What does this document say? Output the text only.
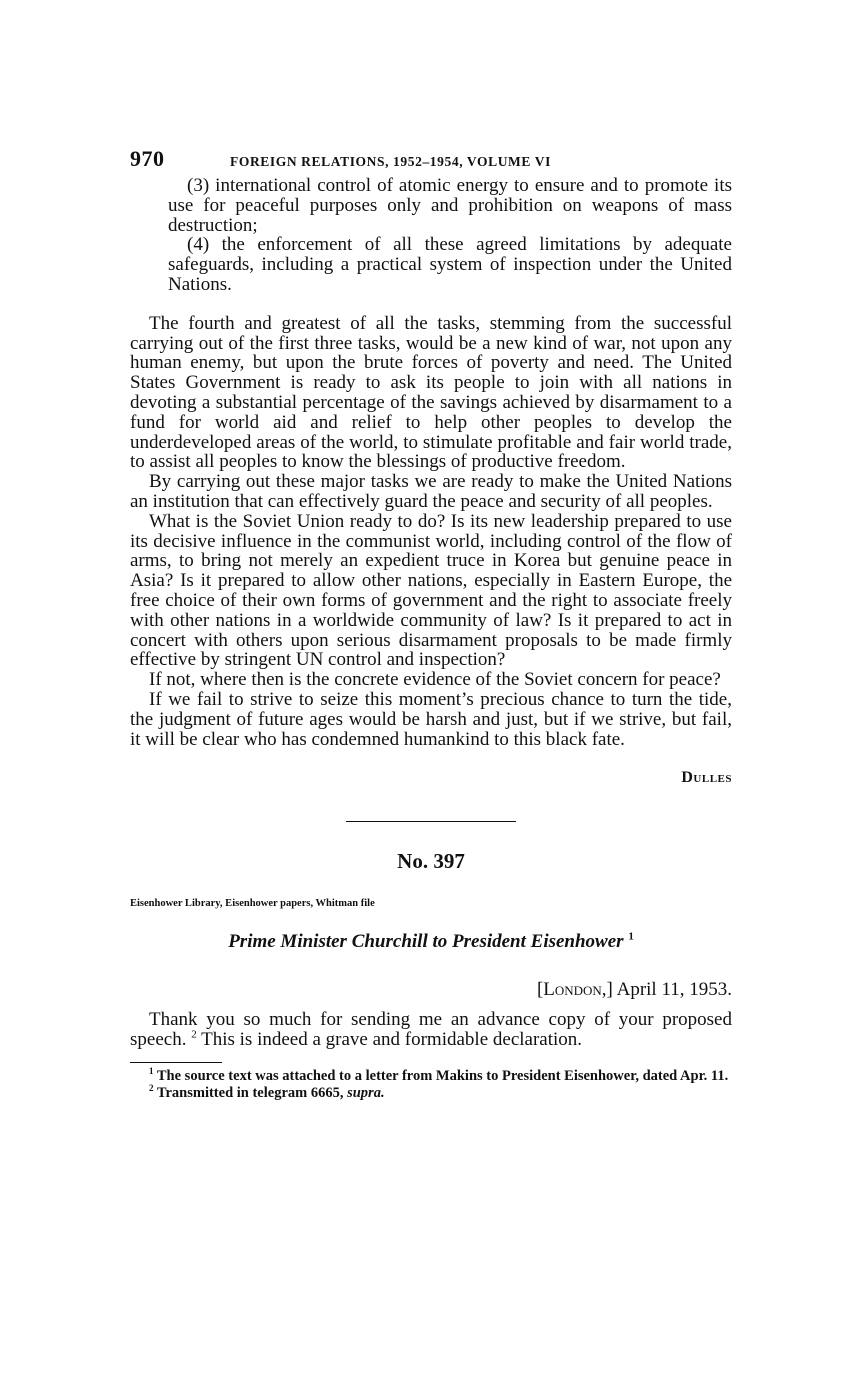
970	FOREIGN RELATIONS, 1952–1954, VOLUME VI

(3) international control of atomic energy to ensure and to promote its use for peaceful purposes only and prohibition on weapons of mass destruction;

(4) the enforcement of all these agreed limitations by adequate safeguards, including a practical system of inspection under the United Nations.

The fourth and greatest of all the tasks, stemming from the successful carrying out of the first three tasks, would be a new kind of war, not upon any human enemy, but upon the brute forces of poverty and need. The United States Government is ready to ask its people to join with all nations in devoting a substantial percentage of the savings achieved by disarmament to a fund for world aid and relief to help other peoples to develop the underdeveloped areas of the world, to stimulate profitable and fair world trade, to assist all peoples to know the blessings of productive freedom.

By carrying out these major tasks we are ready to make the United Nations an institution that can effectively guard the peace and security of all peoples.

What is the Soviet Union ready to do? Is its new leadership prepared to use its decisive influence in the communist world, including control of the flow of arms, to bring not merely an expedient truce in Korea but genuine peace in Asia? Is it prepared to allow other nations, especially in Eastern Europe, the free choice of their own forms of government and the right to associate freely with other nations in a worldwide community of law? Is it prepared to act in concert with others upon serious disarmament proposals to be made firmly effective by stringent UN control and inspection?

If not, where then is the concrete evidence of the Soviet concern for peace?

If we fail to strive to seize this moment’s precious chance to turn the tide, the judgment of future ages would be harsh and just, but if we strive, but fail, it will be clear who has condemned humankind to this black fate.

Dulles
No. 397
Eisenhower Library, Eisenhower papers, Whitman file
Prime Minister Churchill to President Eisenhower $^1$
[London,] April 11, 1953.

Thank you so much for sending me an advance copy of your proposed speech. $^2$ This is indeed a grave and formidable declaration.

$^1$ The source text was attached to a letter from Makins to President Eisenhower, dated Apr. 11.

$^2$ Transmitted in telegram 6665, supra.
